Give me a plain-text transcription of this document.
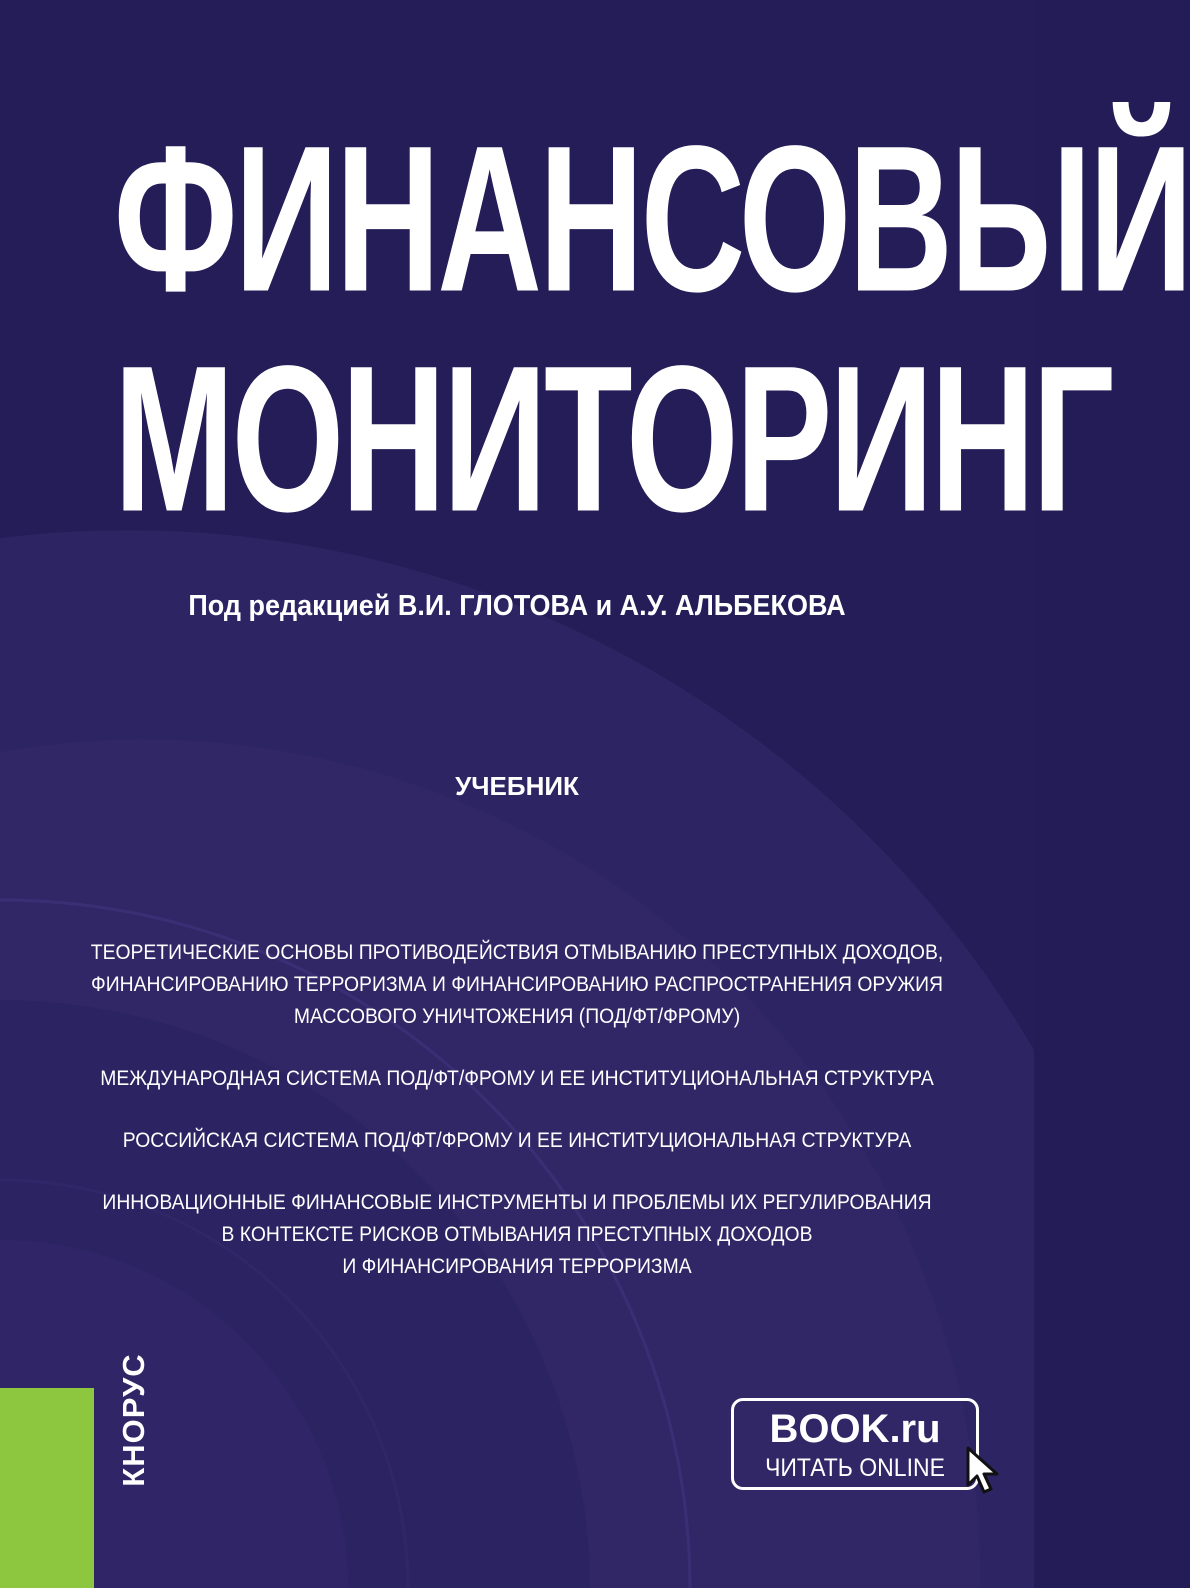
ФИНАНСОВЫЙ
МОНИТОРИНГ
Под редакцией В.И. ГЛОТОВА и А.У. АЛЬБЕКОВА
УЧЕБНИК
ТЕОРЕТИЧЕСКИЕ ОСНОВЫ ПРОТИВОДЕЙСТВИЯ ОТМЫВАНИЮ ПРЕСТУПНЫХ ДОХОДОВ,
ФИНАНСИРОВАНИЮ ТЕРРОРИЗМА И ФИНАНСИРОВАНИЮ РАСПРОСТРАНЕНИЯ ОРУЖИЯ
МАССОВОГО УНИЧТОЖЕНИЯ (ПОД/ФТ/ФРОМУ)
МЕЖДУНАРОДНАЯ СИСТЕМА ПОД/ФТ/ФРОМУ И ЕЕ ИНСТИТУЦИОНАЛЬНАЯ СТРУКТУРА
РОССИЙСКАЯ СИСТЕМА ПОД/ФТ/ФРОМУ И ЕЕ ИНСТИТУЦИОНАЛЬНАЯ СТРУКТУРА
ИННОВАЦИОННЫЕ ФИНАНСОВЫЕ ИНСТРУМЕНТЫ И ПРОБЛЕМЫ ИХ РЕГУЛИРОВАНИЯ
В КОНТЕКСТЕ РИСКОВ ОТМЫВАНИЯ ПРЕСТУПНЫХ ДОХОДОВ
И ФИНАНСИРОВАНИЯ ТЕРРОРИЗМА
КНОРУС	BOOK.ru
ЧИТАТЬ ONLINE
